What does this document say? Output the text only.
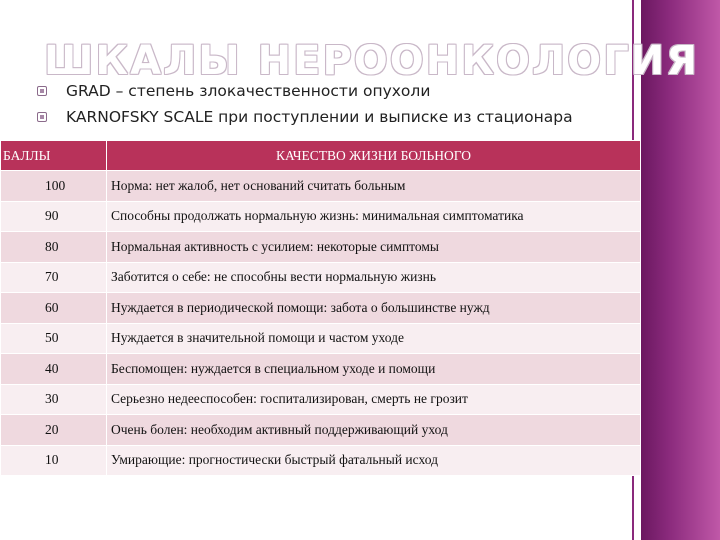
ШКАЛЫ НЕРООНКОЛОГИЯ
GRAD – степень злокачественности опухоли
KARNOFSKY SCALE при поступлении и выписке из стационара
БАЛЛЫ	КАЧЕСТВО ЖИЗНИ БОЛЬНОГО
100	Норма: нет жалоб, нет оснований считать больным
90	Способны продолжать нормальную жизнь: минимальная симптоматика
80	Нормальная активность с усилием: некоторые симптомы
70	Заботится о себе: не способны вести нормальную жизнь
60	Нуждается в периодической помощи: забота о большинстве нужд
50	Нуждается в значительной помощи и частом уходе
40	Беспомощен: нуждается в специальном уходе и помощи
30	Серьезно недееспособен: госпитализирован, смерть не грозит
20	Очень болен: необходим активный поддерживающий уход
10	Умирающие: прогностически быстрый фатальный исход
